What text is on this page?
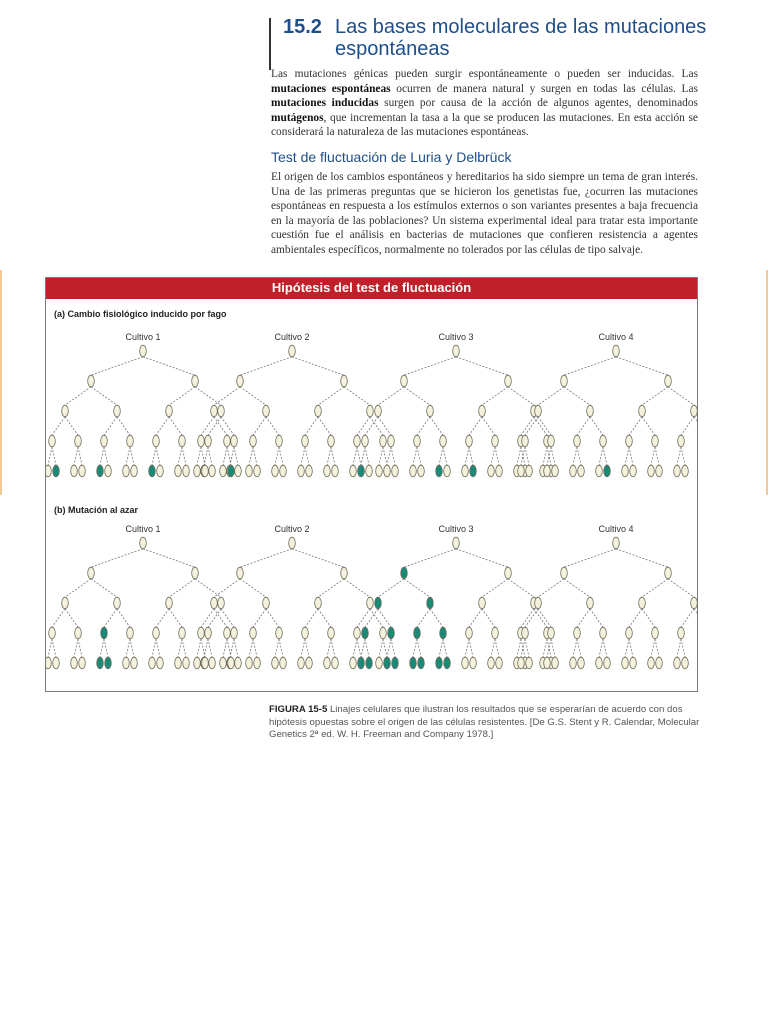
15.2 Las bases moleculares de las mutaciones espontáneas

Las mutaciones génicas pueden surgir espontáneamente o pueden ser inducidas. Las mutaciones espontáneas ocurren de manera natural y surgen en todas las células. Las mutaciones inducidas surgen por causa de la acción de algunos agentes, denominados mutágenos, que incrementan la tasa a la que se producen las mutaciones. En esta acción se considerará la naturaleza de las mutaciones espontáneas.

Test de fluctuación de Luria y Delbrück

El origen de los cambios espontáneos y hereditarios ha sido siempre un tema de gran interés. Una de las primeras preguntas que se hicieron los genetistas fue, ¿ocurren las mutaciones espontáneas en respuesta a los estímulos externos o son variantes presentes a baja frecuencia en la mayoría de las poblaciones? Un sistema experimental ideal para tratar esta importante cuestión fue el análisis en bacterias de mutaciones que confieren resistencia a agentes ambientales específicos, normalmente no tolerados por las células de tipo salvaje.

Hipótesis del test de fluctuación
(a) Cambio fisiológico inducido por fago
(b) Mutación al azar
Cultivo 1	Cultivo 2	Cultivo 3	Cultivo 4
Cultivo 1	Cultivo 2	Cultivo 3	Cultivo 4
FIGURA 15-5 Linajes celulares que ilustran los resultados que se esperarían de acuerdo con dos hipótesis opuestas sobre el origen de las células resistentes. [De G.S. Stent y R. Calendar, Molecular Genetics 2ª ed. W. H. Freeman and Company 1978.]
